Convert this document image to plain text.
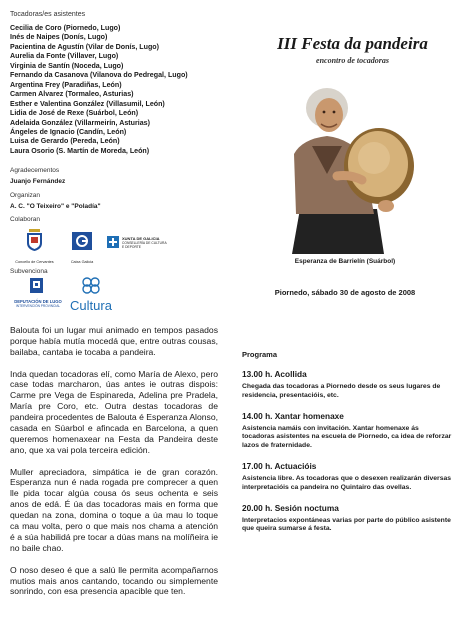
Tocadoras/es asistentes
Cecilia de Coro (Piornedo, Lugo)
Inés de Naipes (Donís, Lugo)
Pacientina de Agustín (Vilar de Donís, Lugo)
Aurelia da Fonte (Villaver, Lugo)
Virginia de Santín (Noceda, Lugo)
Fernando da Casanova (Vilanova do Pedregal, Lugo)
Argentina Frey (Paradiñas, León)
Carmen Alvarez (Tormaleo, Asturias)
Esther e Valentina González (Villasumil, León)
Lidia de José de Rexe (Suárbol, León)
Adelaida González (Villarmeirín, Asturias)
Ángeles de Ignacio (Candín, León)
Luisa de Gerardo (Pereda, León)
Laura Osorio (S. Martín de Moreda, León)
Agradecementos
Juanjo Fernández
Organizan
A. C. "O Teixeiro" e "Poladía"
Colaboran
Concello de Cervantes	Caixa Galicia
XUNTA DE GALICIA
CONSELLERÍA DE CULTURA E DEPORTE
Subvenciona
DEPUTACIÓN DE LUGO
INTERVENCIÓN PROVINCIAL Cultura
III Festa da pandeira
encontro de tocadoras
Esperanza de Barrielín (Suárbol)
Piornedo, sábado 30 de agosto de 2008

Balouta foi un lugar mui animado en tempos pasados porque había mutía mocedá que, entre outras cousas, bailaba, cantaba ie tocaba a pandeira.

Inda quedan tocadoras elí, como María de Alexo, pero case todas marcharon, úas antes ie outras dispois: Carme pre Vega de Espinareda, Adelina pre Pradela, María pre Coro, etc. Outra destas tocadoras de pandeira procedentes de Balouta é Esperanza Alonso, casada en Súarbol e afincada en Barcelona, a quen queremos homenaxear na Festa da Pandeira deste ano, que xa vai pola terceira edición.

Muller apreciadora, simpática ie de gran corazón. Esperanza nun é nada rogada pre comprecer a quen lle pida tocar algúa cousa ós seus ochenta e seis anos de edá. É úa das tocadoras mais en forma que quedan na zona, domina o toque a úa mau lo toque ca mau volta, pero o que mais nos chama a atención é a súa habilidá pre tocar a dúas mans na molíñeira ie no baile chao.

O noso deseo é que a salú lle permita acompañarnos mutios mais anos cantando, tocando ou simplemente sonrindo, con esa presencia apacible que ten.

Programa
13.00 h. Acollida
Chegada das tocadoras a Piornedo desde os seus lugares de residencia, presentacióis, etc.
14.00 h. Xantar homenaxe
Asistencia namáis con invitación. Xantar homenaxe ás tocadoras asistentes na escuela de Piornedo, ca idea de reforzar lazos de fraternidade.
17.00 h. Actuacióis
Asistencia libre. As tocadoras que o desexen realizarán diversas interpretacióis ca pandeira no Quintairo das ovellas.
20.00 h. Sesión noctuma
Interpretacios expontáneas varias por parte do público asistente que queira sumarse á festa.
